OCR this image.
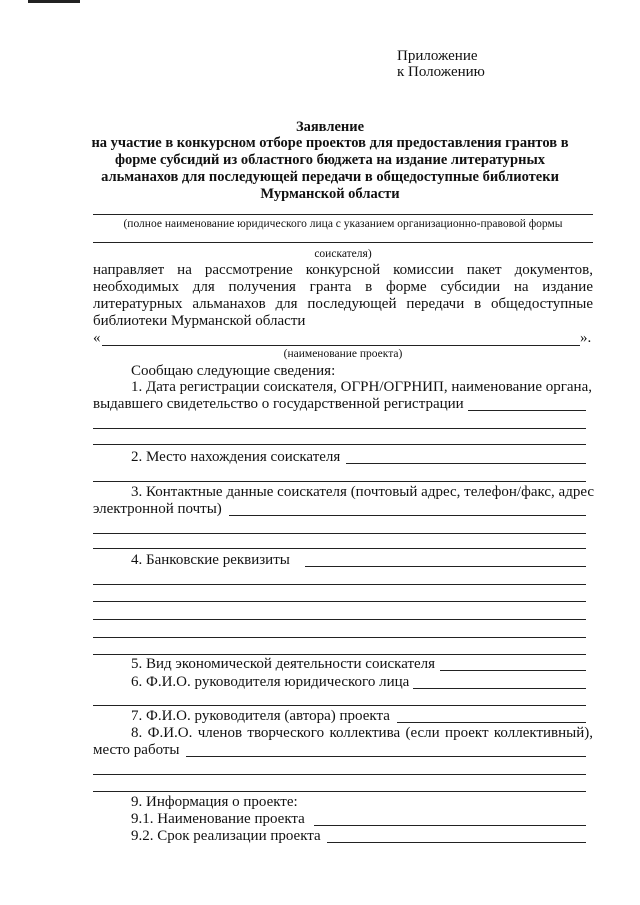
Приложение
к Положению
Заявление
на участие в конкурсном отборе проектов для предоставления грантов в
форме субсидий из областного бюджета на издание литературных
альманахов для последующей передачи в общедоступные библиотеки
Мурманской области
(полное наименование юридического лица с указанием организационно-правовой формы
соискателя)
направляет на рассмотрение конкурсной комиссии пакет документов,
необходимых для получения гранта в форме субсидии на издание
литературных альманахов для последующей передачи в общедоступные
библиотеки Мурманской области
«	».
(наименование проекта)
Сообщаю следующие сведения:
1. Дата регистрации соискателя, ОГРН/ОГРНИП, наименование органа,
выдавшего свидетельство о государственной регистрации
2. Место нахождения соискателя
3. Контактные данные соискателя (почтовый адрес, телефон/факс, адрес
электронной почты)
4. Банковские реквизиты
5. Вид экономической деятельности соискателя
6. Ф.И.О. руководителя юридического лица
7. Ф.И.О. руководителя (автора) проекта
8. Ф.И.О. членов творческого коллектива (если проект коллективный),
место работы
9. Информация о проекте:
9.1. Наименование проекта
9.2. Срок реализации проекта
